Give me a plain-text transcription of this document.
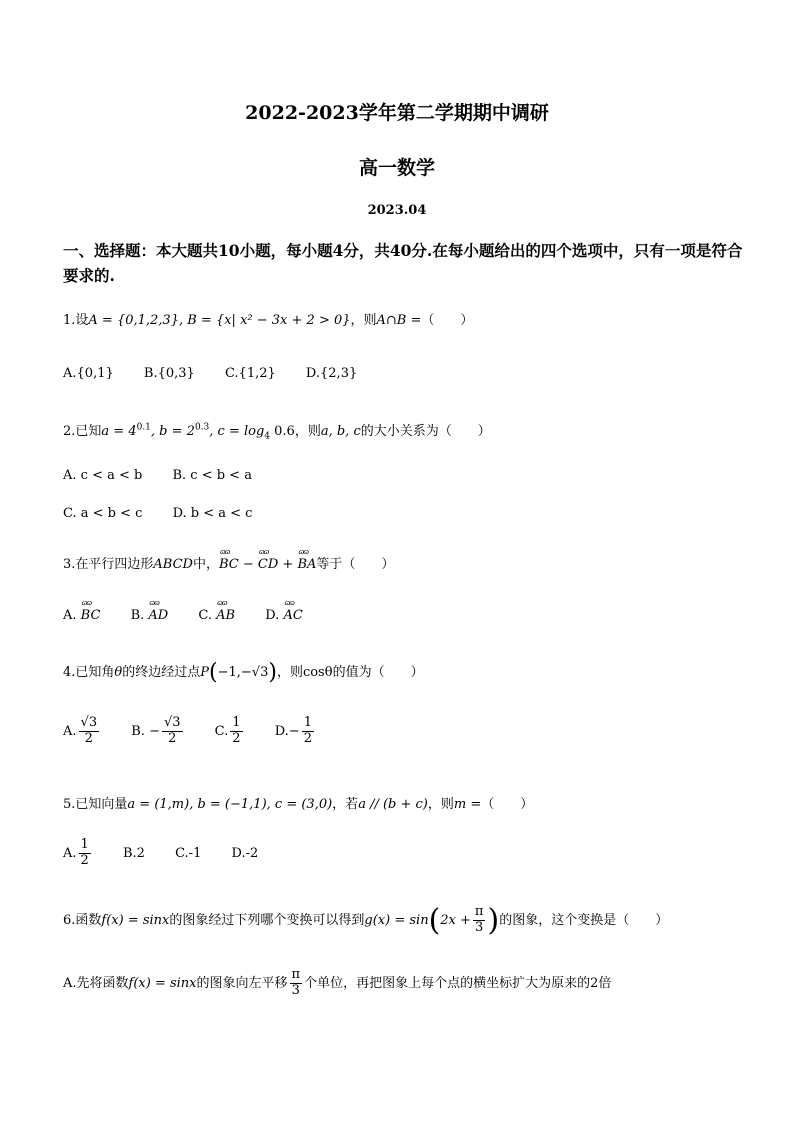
2022-2023学年第二学期期中调研
高一数学
2023.04
一、选择题：本大题共10小题，每小题4分，共40分.在每小题给出的四个选项中，只有一项是符合要求的.
1.设A = {0,1,2,3}, B = {x| x² − 3x + 2 > 0}，则A∩B =（　　）
A.{0,1} B.{0,3} C.{1,2} D.{2,3}
2.已知$a = 4^{0.1}$, $b = 2^{0.3}$, $c = \log_4 0.6$，则a, b, c的大小关系为（　　）
A. c < a < b B. c < b < a
C. a < b < c D. b < a < c
3.在平行四边形ABCD中，ɷɷ BC − ɷɷ CD + ɷɷ BA等于（　　）
A. ɷɷ BC B. ɷɷ AD C. ɷɷ AB D. ɷɷ AC
4.已知角θ的终边经过点P(−1,−√3)，则cosθ的值为（　　）
A. $\frac{√3}{2} B$. − $\frac{√3}{2} C$. $\frac{1}{2} D.- \frac{1}{2}$
5.已知向量a = (1,m), b = (−1,1), c = (3,0)，若a // (b + c)，则m =（　　）
A. $\frac{1}{2} B.2$ C.-1 D.-2
6.函数f(x) = sinx的图象经过下列哪个变换可以得到$g(x) = \sin(2x + \frac{\pi}{3}$ )的图象，这个变换是（　　）
A.先将函数f(x) = sinx的图象向左平移 $\frac{\pi}{3}$ 个单位，再把图象上每个点的横坐标扩大为原来的2倍
